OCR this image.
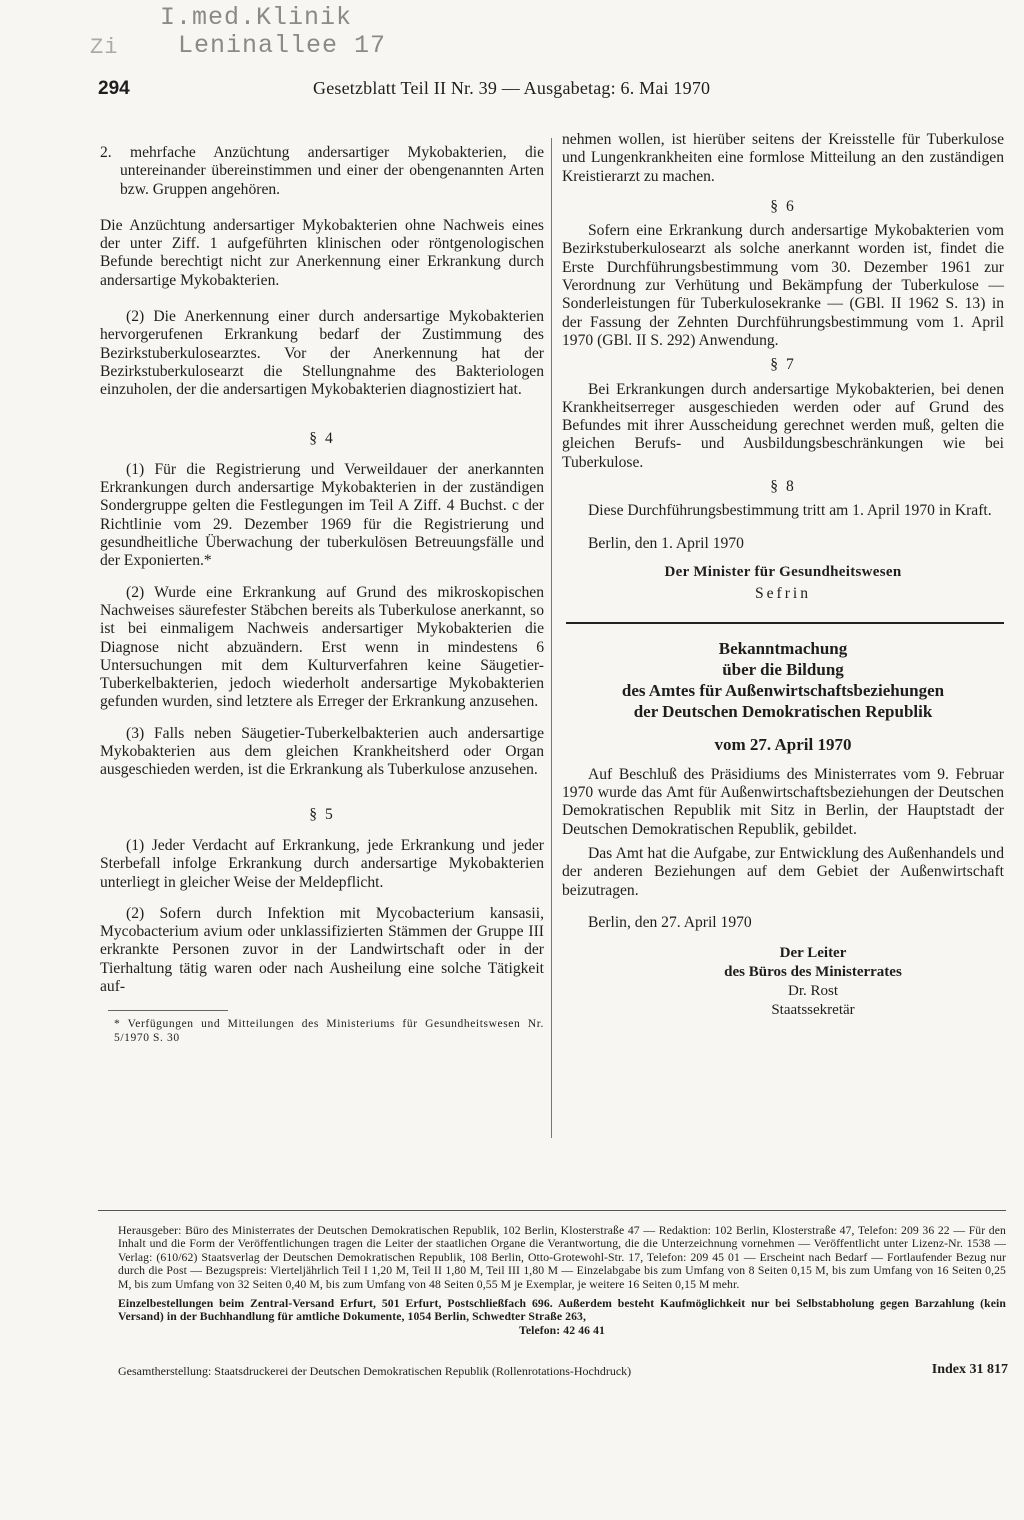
I.med.Klinik
Leninallee 17
Zi
294	Gesetzblatt Teil II Nr. 39 — Ausgabetag: 6. Mai 1970

2. mehrfache Anzüchtung andersartiger Mykobakterien, die untereinander übereinstimmen und einer der obengenannten Arten bzw. Gruppen angehören.

Die Anzüchtung andersartiger Mykobakterien ohne Nachweis eines der unter Ziff. 1 aufgeführten klinischen oder röntgenologischen Befunde berechtigt nicht zur Anerkennung einer Erkrankung durch andersartige Mykobakterien.

(2) Die Anerkennung einer durch andersartige Mykobakterien hervorgerufenen Erkrankung bedarf der Zustimmung des Bezirkstuberkulosearztes. Vor der Anerkennung hat der Bezirkstuberkulosearzt die Stellungnahme des Bakteriologen einzuholen, der die andersartigen Mykobakterien diagnostiziert hat.

§ 4

(1) Für die Registrierung und Verweildauer der anerkannten Erkrankungen durch andersartige Mykobakterien in der zuständigen Sondergruppe gelten die Festlegungen im Teil A Ziff. 4 Buchst. c der Richtlinie vom 29. Dezember 1969 für die Registrierung und gesundheitliche Überwachung der tuberkulösen Betreuungsfälle und der Exponierten.*

(2) Wurde eine Erkrankung auf Grund des mikroskopischen Nachweises säurefester Stäbchen bereits als Tuberkulose anerkannt, so ist bei einmaligem Nachweis andersartiger Mykobakterien die Diagnose nicht abzuändern. Erst wenn in mindestens 6 Untersuchungen mit dem Kulturverfahren keine Säugetier-Tuberkelbakterien, jedoch wiederholt andersartige Mykobakterien gefunden wurden, sind letztere als Erreger der Erkrankung anzusehen.

(3) Falls neben Säugetier-Tuberkelbakterien auch andersartige Mykobakterien aus dem gleichen Krankheitsherd oder Organ ausgeschieden werden, ist die Erkrankung als Tuberkulose anzusehen.

§ 5

(1) Jeder Verdacht auf Erkrankung, jede Erkrankung und jeder Sterbefall infolge Erkrankung durch andersartige Mykobakterien unterliegt in gleicher Weise der Meldepflicht.

(2) Sofern durch Infektion mit Mycobacterium kansasii, Mycobacterium avium oder unklassifizierten Stämmen der Gruppe III erkrankte Personen zuvor in der Landwirtschaft oder in der Tierhaltung tätig waren oder nach Ausheilung eine solche Tätigkeit auf-

* Verfügungen und Mitteilungen des Ministeriums für Gesundheitswesen Nr. 5/1970 S. 30

nehmen wollen, ist hierüber seitens der Kreisstelle für Tuberkulose und Lungenkrankheiten eine formlose Mitteilung an den zuständigen Kreistierarzt zu machen.

§ 6

Sofern eine Erkrankung durch andersartige Mykobakterien vom Bezirkstuberkulosearzt als solche anerkannt worden ist, findet die Erste Durchführungsbestimmung vom 30. Dezember 1961 zur Verordnung zur Verhütung und Bekämpfung der Tuberkulose — Sonderleistungen für Tuberkulosekranke — (GBl. II 1962 S. 13) in der Fassung der Zehnten Durchführungsbestimmung vom 1. April 1970 (GBl. II S. 292) Anwendung.

§ 7

Bei Erkrankungen durch andersartige Mykobakterien, bei denen Krankheitserreger ausgeschieden werden oder auf Grund des Befundes mit ihrer Ausscheidung gerechnet werden muß, gelten die gleichen Berufs- und Ausbildungsbeschränkungen wie bei Tuberkulose.

§ 8

Diese Durchführungsbestimmung tritt am 1. April 1970 in Kraft.

Berlin, den 1. April 1970

Der Minister für Gesundheitswesen
Sefrin
Bekanntmachung
über die Bildung
des Amtes für Außenwirtschaftsbeziehungen
der Deutschen Demokratischen Republik
vom 27. April 1970

Auf Beschluß des Präsidiums des Ministerrates vom 9. Februar 1970 wurde das Amt für Außenwirtschaftsbeziehungen der Deutschen Demokratischen Republik mit Sitz in Berlin, der Hauptstadt der Deutschen Demokratischen Republik, gebildet.

Das Amt hat die Aufgabe, zur Entwicklung des Außenhandels und der anderen Beziehungen auf dem Gebiet der Außenwirtschaft beizutragen.

Berlin, den 27. April 1970

Der Leiter
des Büros des Ministerrates
Dr. Rost
Staatssekretär
Herausgeber: Büro des Ministerrates der Deutschen Demokratischen Republik, 102 Berlin, Klosterstraße 47 — Redaktion: 102 Berlin, Klosterstraße 47, Telefon: 209 36 22 — Für den Inhalt und die Form der Veröffentlichungen tragen die Leiter der staatlichen Organe die Verantwortung, die die Unterzeichnung vornehmen — Veröffentlicht unter Lizenz-Nr. 1538 — Verlag: (610/62) Staatsverlag der Deutschen Demokratischen Republik, 108 Berlin, Otto-Grotewohl-Str. 17, Telefon: 209 45 01 — Erscheint nach Bedarf — Fortlaufender Bezug nur durch die Post — Bezugspreis: Vierteljährlich Teil I 1,20 M, Teil II 1,80 M, Teil III 1,80 M — Einzelabgabe bis zum Umfang von 8 Seiten 0,15 M, bis zum Umfang von 16 Seiten 0,25 M, bis zum Umfang von 32 Seiten 0,40 M, bis zum Umfang von 48 Seiten 0,55 M je Exemplar, je weitere 16 Seiten 0,15 M mehr.
Einzelbestellungen beim Zentral-Versand Erfurt, 501 Erfurt, Postschließfach 696. Außerdem besteht Kaufmöglichkeit nur bei Selbstabholung gegen Barzahlung (kein Versand) in der Buchhandlung für amtliche Dokumente, 1054 Berlin, Schwedter Straße 263,
Telefon: 42 46 41
Gesamtherstellung: Staatsdruckerei der Deutschen Demokratischen Republik (Rollenrotations-Hochdruck)	Index 31 817
